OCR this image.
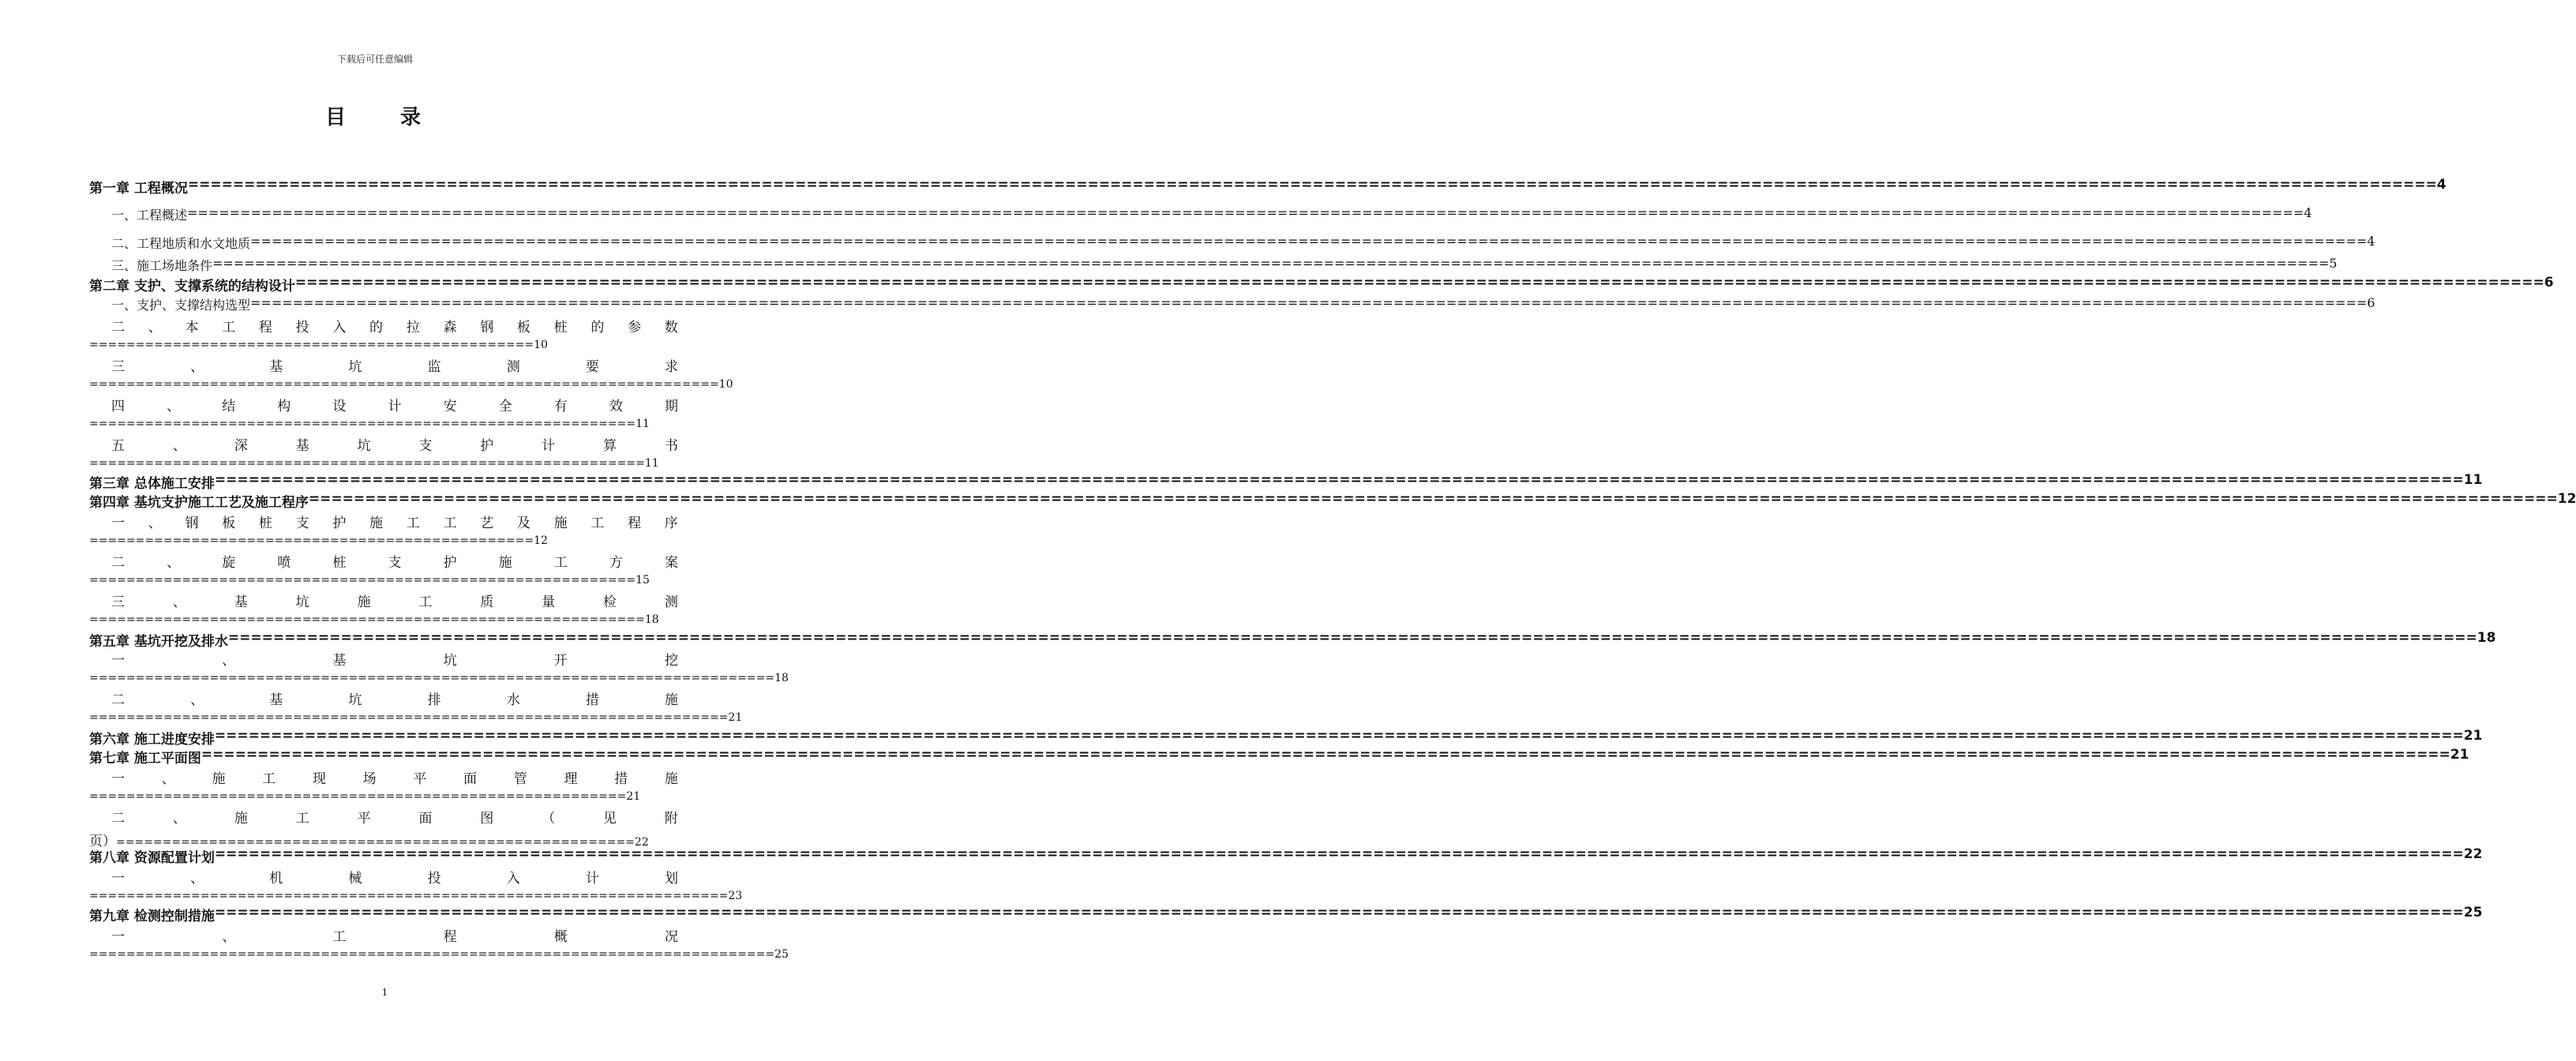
下载后可任意编辑
目 录
第一章 工程概况 ======================================================================================================================================================================================================== 4
一、工程概述 ======================================================================================================================================================================================================== 4
二、工程地质和水文地质 ======================================================================================================================================================================================================== 4
三、施工场地条件 ======================================================================================================================================================================================================== 5
第二章 支护、支撑系统的结构设计 ======================================================================================================================================================================================================== 6
一、支护、支撑结构选型 ======================================================================================================================================================================================================== 6
二 、 本 工 程 投 入 的 拉 森 钢 板 桩 的 参 数
================================================10
三	、	基	坑	监	测	要	求
====================================================================10
四	、	结	构	设	计	安	全	有	效	期
===========================================================11
五	、	深	基	坑	支	护	计	算	书
============================================================11
第三章 总体施工安排 ======================================================================================================================================================================================================== 11
第四章 基坑支护施工工艺及施工程序 ======================================================================================================================================================================================================== 12
一 、 钢 板 桩 支 护 施 工 工 艺 及 施 工 程 序
================================================12
二	、	旋	喷	桩	支	护	施	工	方	案
===========================================================15
三	、	基	坑	施	工	质	量	检	测
============================================================18
第五章 基坑开挖及排水 ======================================================================================================================================================================================================== 18
一	、	基	坑	开	挖
==========================================================================18
二	、	基	坑	排	水	措	施
=====================================================================21
第六章 施工进度安排 ======================================================================================================================================================================================================== 21
第七章 施工平面图 ======================================================================================================================================================================================================== 21
一	、	施	工	现	场	平	面	管	理	措	施
==========================================================21
二	、	施	工	平	面	图	（	见	附
页）========================================================22
第八章 资源配置计划 ======================================================================================================================================================================================================== 22
一	、	机	械	投	入	计	划
=====================================================================23
第九章 检测控制措施 ======================================================================================================================================================================================================== 25
一	、	工	程	概	况
==========================================================================25
1
